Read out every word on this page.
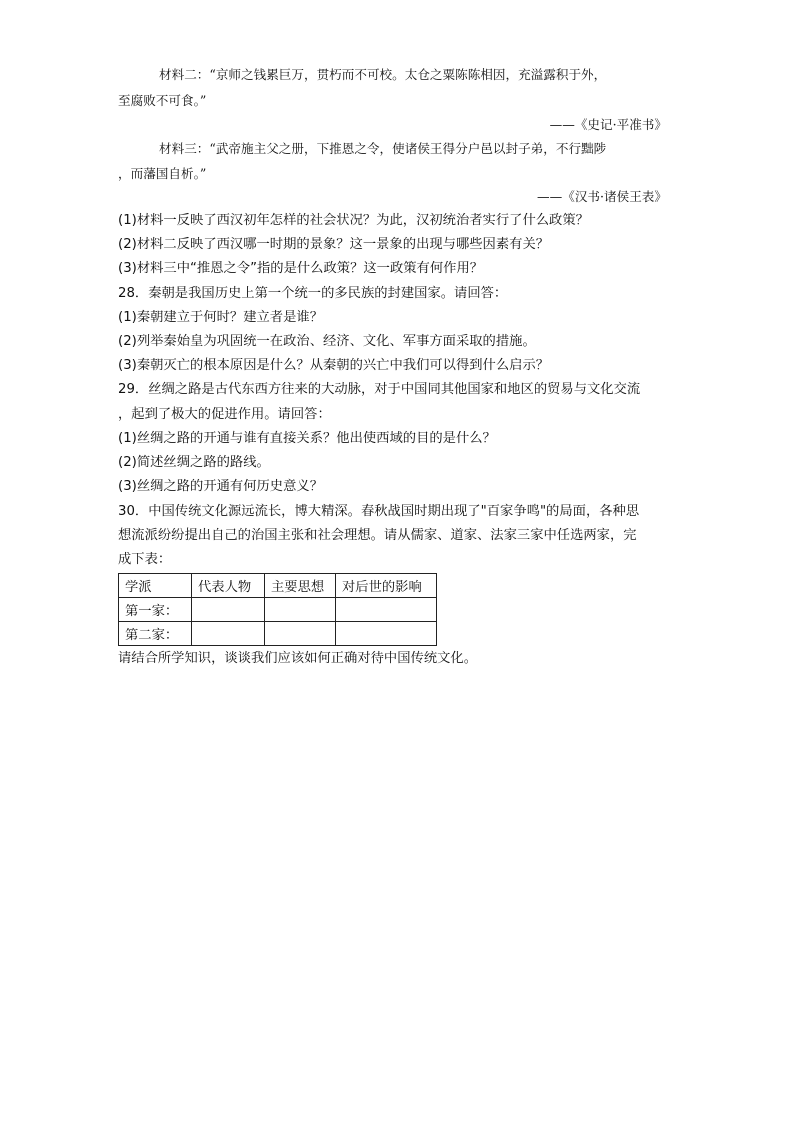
材料二：“京师之钱累巨万，贯朽而不可校。太仓之粟陈陈相因，充溢露积于外，
至腐败不可食。”
——《史记·平准书》
材料三：“武帝施主父之册，下推恩之令，使诸侯王得分户邑以封子弟，不行黜陟
，而藩国自析。”
——《汉书·诸侯王表》
(1)材料一反映了西汉初年怎样的社会状况？为此，汉初统治者实行了什么政策？
(2)材料二反映了西汉哪一时期的景象？这一景象的出现与哪些因素有关？
(3)材料三中“推恩之令”指的是什么政策？这一政策有何作用？
28．秦朝是我国历史上第一个统一的多民族的封建国家。请回答：
(1)秦朝建立于何时？建立者是谁？
(2)列举秦始皇为巩固统一在政治、经济、文化、军事方面采取的措施。
(3)秦朝灭亡的根本原因是什么？从秦朝的兴亡中我们可以得到什么启示？
29．丝绸之路是古代东西方往来的大动脉，对于中国同其他国家和地区的贸易与文化交流
，起到了极大的促进作用。请回答：
(1)丝绸之路的开通与谁有直接关系？他出使西域的目的是什么？
(2)简述丝绸之路的路线。
(3)丝绸之路的开通有何历史意义？
30．中国传统文化源远流长，博大精深。春秋战国时期出现了"百家争鸣"的局面，各种思
想流派纷纷提出自己的治国主张和社会理想。请从儒家、道家、法家三家中任选两家，完
成下表：
学派	代表人物	主要思想	对后世的影响
第一家：			
第二家：			
请结合所学知识，谈谈我们应该如何正确对待中国传统文化。
